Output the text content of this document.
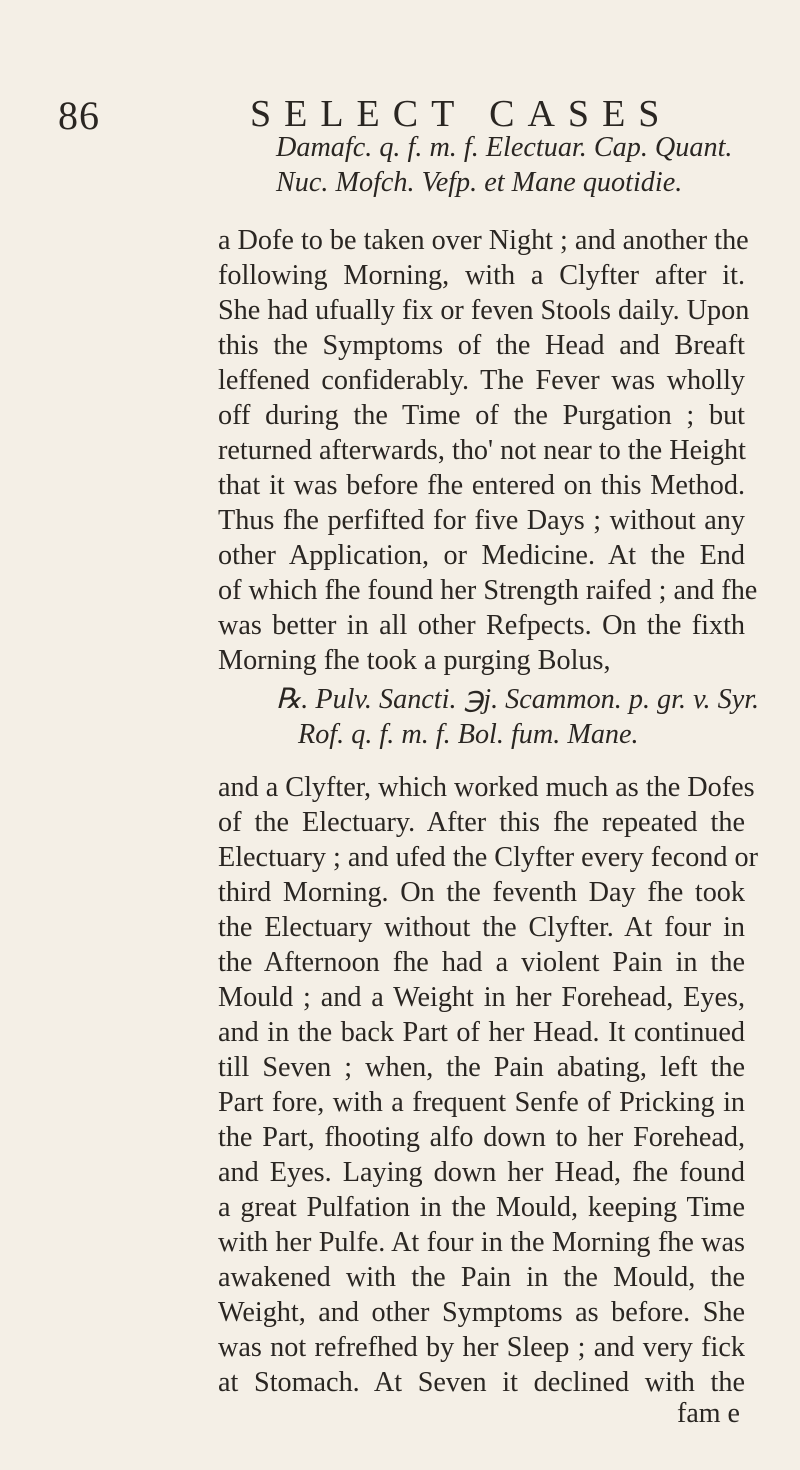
86	SELECT CASES
Damafc. q. f. m. f. Electuar. Cap. Quant.
Nuc. Mofch. Vefp. et Mane quotidie.
a Dofe to be taken over Night ; and another the
following Morning, with a Clyfter after it.
She had ufually fix or feven Stools daily. Upon
this the Symptoms of the Head and Breaft
leffened confiderably. The Fever was wholly
off during the Time of the Purgation ; but
returned afterwards, tho' not near to the Height
that it was before fhe entered on this Method.
Thus fhe perfifted for five Days ; without any
other Application, or Medicine. At the End
of which fhe found her Strength raifed ; and fhe
was better in all other Refpects. On the fixth
Morning fhe took a purging Bolus,
℞. Pulv. Sancti. ℈j. Scammon. p. gr. v. Syr.
Rof. q. f. m. f. Bol. fum. Mane.
and a Clyfter, which worked much as the Dofes
of the Electuary. After this fhe repeated the
Electuary ; and ufed the Clyfter every fecond or
third Morning. On the feventh Day fhe took
the Electuary without the Clyfter. At four in
the Afternoon fhe had a violent Pain in the
Mould ; and a Weight in her Forehead, Eyes,
and in the back Part of her Head. It continued
till Seven ; when, the Pain abating, left the
Part fore, with a frequent Senfe of Pricking in
the Part, fhooting alfo down to her Forehead,
and Eyes. Laying down her Head, fhe found
a great Pulfation in the Mould, keeping Time
with her Pulfe. At four in the Morning fhe was
awakened with the Pain in the Mould, the
Weight, and other Symptoms as before. She
was not refrefhed by her Sleep ; and very fick
at Stomach. At Seven it declined with the
fam e
